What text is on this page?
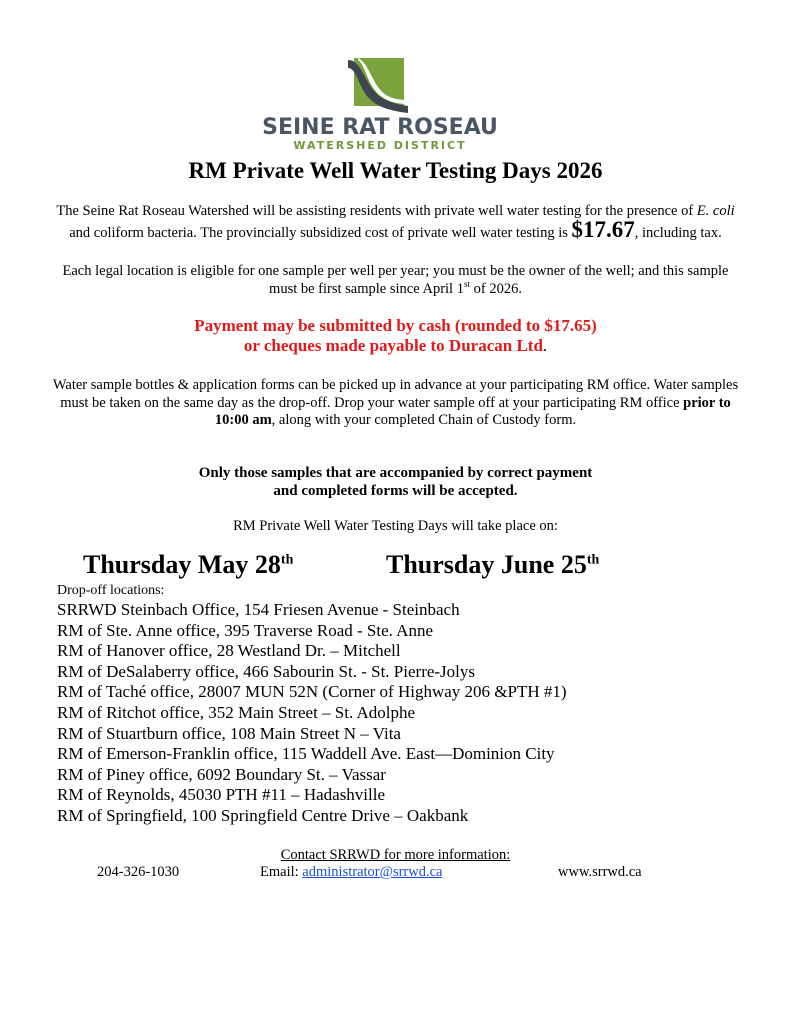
SEINE RAT ROSEAU
WATERSHED DISTRICT
RM Private Well Water Testing Days 2026
The Seine Rat Roseau Watershed will be assisting residents with private well water testing for the presence of E. coli and coliform bacteria. The provincially subsidized cost of private well water testing is $17.67, including tax.
Each legal location is eligible for one sample per well per year; you must be the owner of the well; and this sample must be first sample since April 1st of 2026.
Payment may be submitted by cash (rounded to $17.65)
or cheques made payable to Duracan Ltd.
Water sample bottles & application forms can be picked up in advance at your participating RM office. Water samples must be taken on the same day as the drop-off. Drop your water sample off at your participating RM office prior to 10:00 am, along with your completed Chain of Custody form.
Only those samples that are accompanied by correct payment
and completed forms will be accepted.
RM Private Well Water Testing Days will take place on:
Thursday May 28th	Thursday June 25th
Drop-off locations:
SRRWD Steinbach Office, 154 Friesen Avenue - Steinbach
RM of Ste. Anne office, 395 Traverse Road - Ste. Anne
RM of Hanover office, 28 Westland Dr. – Mitchell
RM of DeSalaberry office, 466 Sabourin St. - St. Pierre-Jolys
RM of Taché office, 28007 MUN 52N (Corner of Highway 206 &PTH #1)
RM of Ritchot office, 352 Main Street – St. Adolphe
RM of Stuartburn office, 108 Main Street N – Vita
RM of Emerson-Franklin office, 115 Waddell Ave. East—Dominion City
RM of Piney office, 6092 Boundary St. – Vassar
RM of Reynolds, 45030 PTH #11 – Hadashville
RM of Springfield, 100 Springfield Centre Drive – Oakbank
Contact SRRWD for more information:
204-326-1030	Email: administrator@srrwd.ca	www.srrwd.ca
